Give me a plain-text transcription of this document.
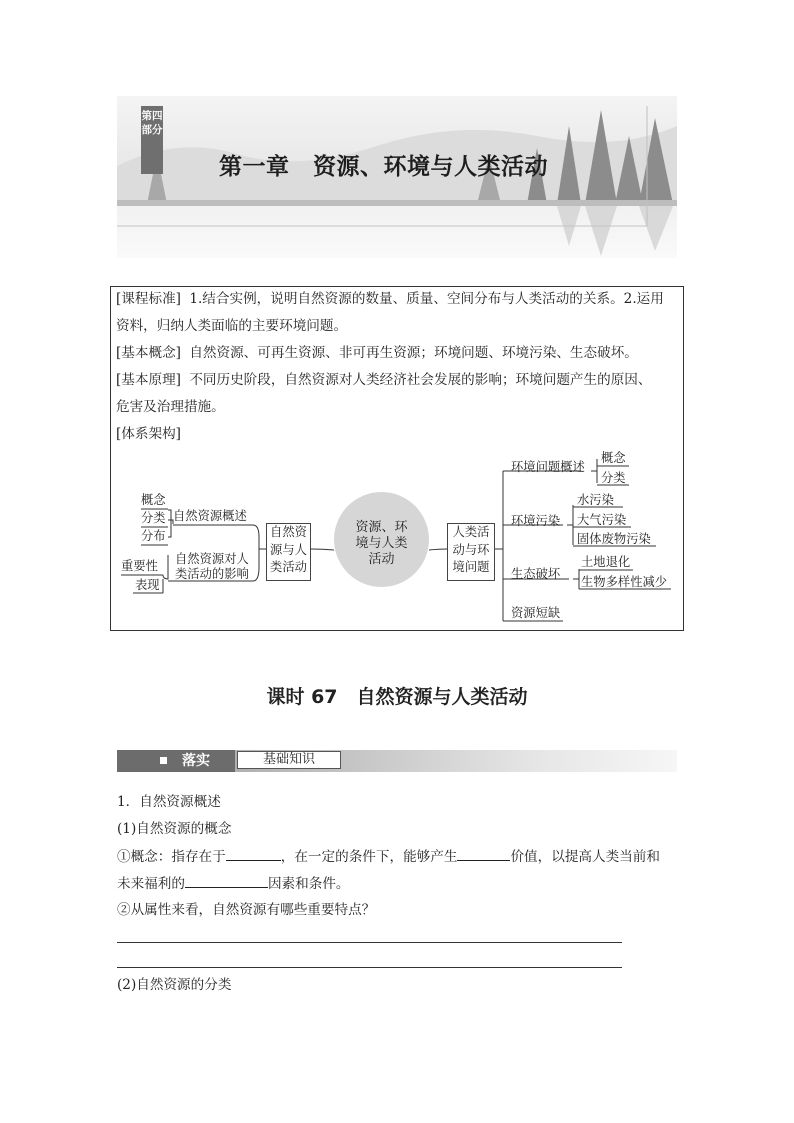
第四部分
第一章　资源、环境与人类活动
[课程标准] 1.结合实例，说明自然资源的数量、质量、空间分布与人类活动的关系。2.运用
资料，归纳人类面临的主要环境问题。
[基本概念] 自然资源、可再生资源、非可再生资源；环境问题、环境污染、生态破坏。
[基本原理] 不同历史阶段，自然资源对人类经济社会发展的影响；环境问题产生的原因、
危害及治理措施。
[体系架构]
概念
分类
分布
自然资源概述
重要性
表现
自然资源对人
类活动的影响
自然资
源与人
类活动
资源、环
境与人类
活动
人类活
动与环
境问题
环境问题概述
概念
分类
环境污染
水污染
大气污染
固体废物污染
生态破坏
土地退化
生物多样性减少
资源短缺
课时 67　自然资源与人类活动
落实	基础知识
1．自然资源概述
(1)自然资源的概念
①概念：指存在于	，在一定的条件下，能够产生	价值，以提高人类当前和
未来福利的	因素和条件。
②从属性来看，自然资源有哪些重要特点？
(2)自然资源的分类
